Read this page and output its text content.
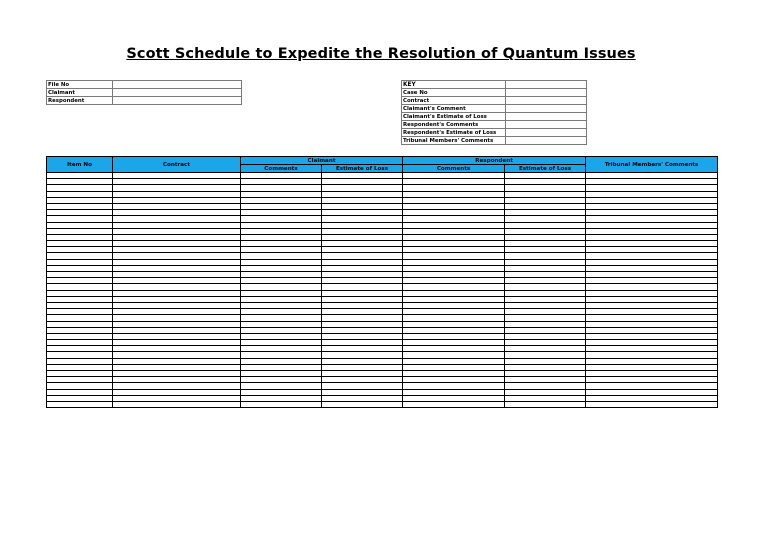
Scott Schedule to Expedite the Resolution of Quantum Issues
File No	
Claimant	
Respondent	
KEY	
Case No	
Contract	
Claimant's Comment	
Claimant's Estimate of Loss	
Respondent's Comments	
Respondent's Estimate of Loss	
Tribunal Members' Comments	
Item No	Contract	Claimant		Respondent		Tribunal Members' Comments
		Comments	Estimate of Loss	Comments	Estimate of Loss	
